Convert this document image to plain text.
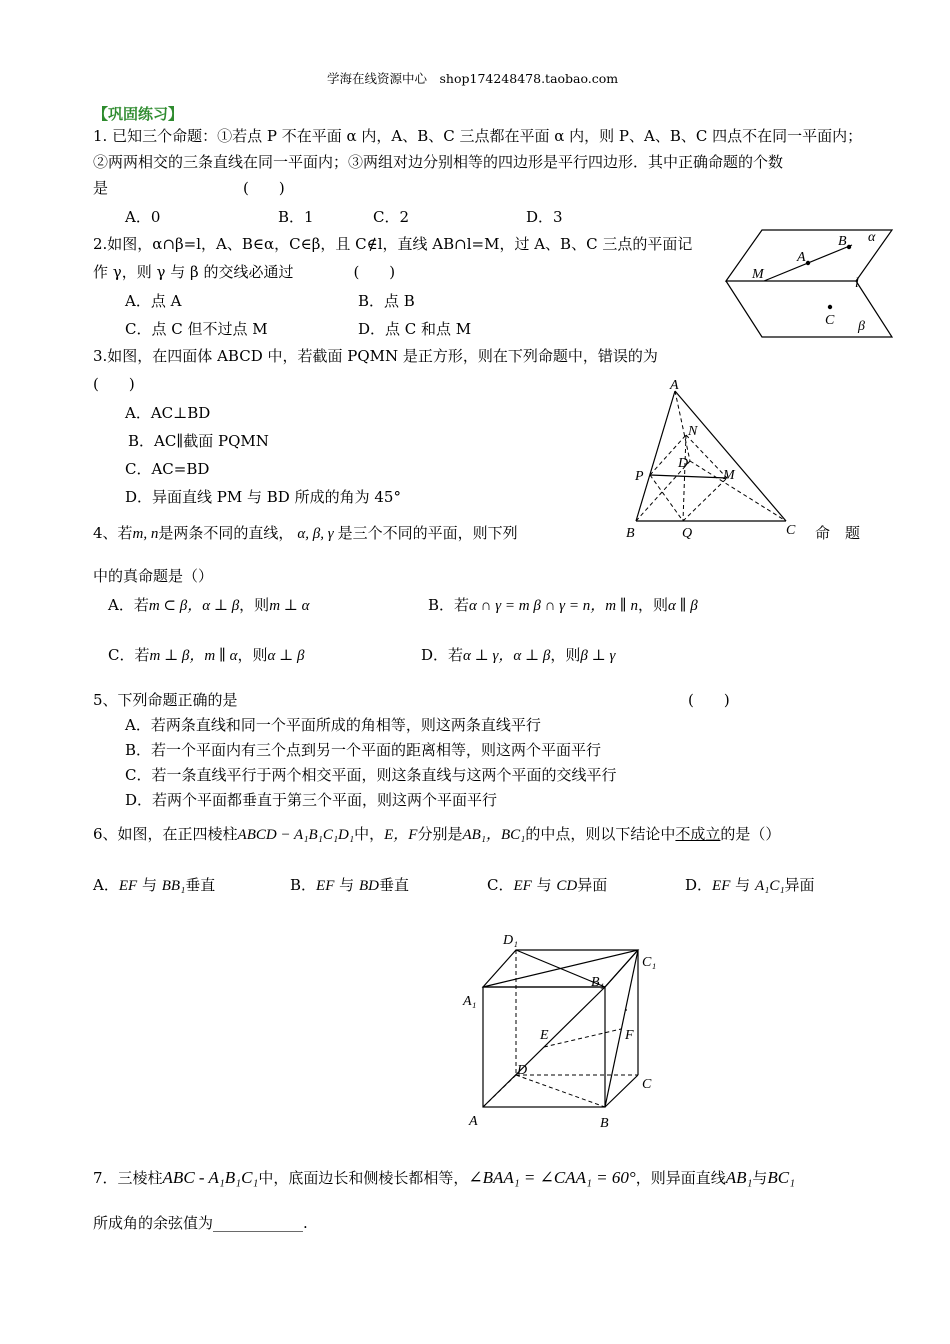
学海在线资源中心　shop174248478.taobao.com
【巩固练习】
1. 已知三个命题：①若点 P 不在平面 α 内，A、B、C 三点都在平面 α 内，则 P、A、B、C 四点不在同一平面内；
②两两相交的三条直线在同一平面内；③两组对边分别相等的四边形是平行四边形．其中正确命题的个数
是　　　　　　　　　(　　)
A．0	B．1	C．2	D．3
2.如图，α∩β=l，A、B∈α，C∈β，且 C∉l，直线 AB∩l=M，过 A、B、C 三点的平面记
作 γ，则 γ 与 β 的交线必通过　　　　(　　)
A．点 A	B．点 B
C．点 C 但不过点 M	D．点 C 和点 M
α
B
A
M
l
C β
3.如图，在四面体 ABCD 中，若截面 PQMN 是正方形，则在下列命题中，错误的为
(　　)
A．AC⊥BD
B．AC∥截面 PQMN
C．AC=BD
D．异面直线 PM 与 BD 所成的角为 45°
A
N
D
P	M
B	Q	C
4、若m, n是两条不同的直线， α, β, γ 是三个不同的平面，则下列	命　题
中的真命题是（）
A．若m ⊂ β，α ⊥ β，则m ⊥ α	B．若α ∩ γ = m β ∩ γ = n，m ∥ n，则α ∥ β
C．若m ⊥ β，m ∥ α，则α ⊥ β	D．若α ⊥ γ，α ⊥ β，则β ⊥ γ
5、下列命题正确的是	(　　)
A．若两条直线和同一个平面所成的角相等，则这两条直线平行
B．若一个平面内有三个点到另一个平面的距离相等，则这两个平面平行
C．若一条直线平行于两个相交平面，则这条直线与这两个平面的交线平行
D．若两个平面都垂直于第三个平面，则这两个平面平行
6、如图，在正四棱柱ABCD − A₁B₁C₁D₁中，E，F分别是AB₁，BC₁的中点，则以下结论中不成立的是（）
A．EF 与 BB₁垂直	B．EF 与 BD垂直	C．EF 与 CD异面	D．EF 与 A₁C₁异面
D₁
C₁
B₁
A₁
E	F
D
C
A	B
7．三棱柱ABC - A₁B₁C₁中，底面边长和侧棱长都相等，∠BAA₁ = ∠CAA₁ = 60°，则异面直线AB₁与BC₁
所成角的余弦值为____________.
